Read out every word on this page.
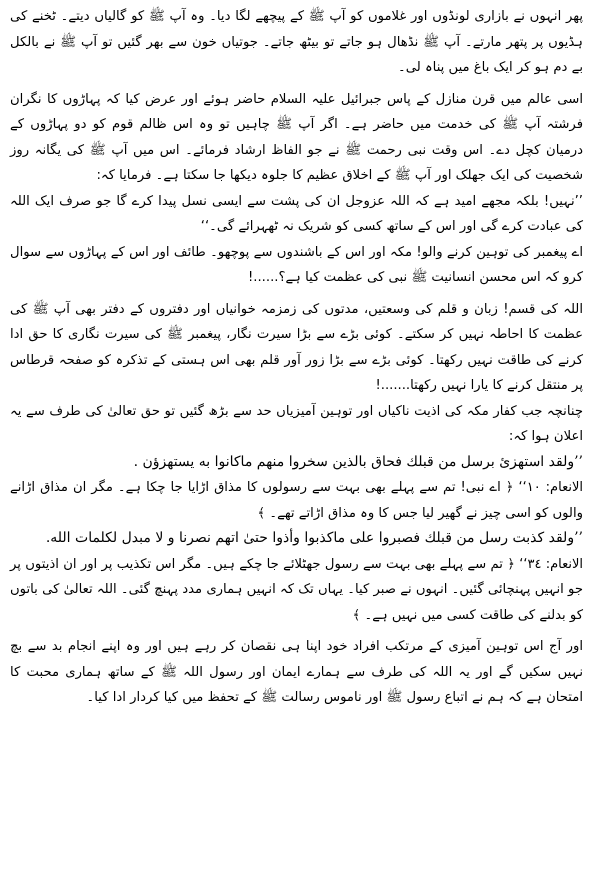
پھر انہوں نے بازاری لونڈوں اور غلاموں کو آپ ﷺ کے پیچھے لگا دیا۔ وہ آپ ﷺ کو گالیاں دیتے۔ ٹخنے کی ہڈیوں پر پتھر مارتے۔ آپ ﷺ نڈھال ہو جاتے تو بیٹھ جاتے۔ جوتیاں خون سے بھر گئیں تو آپ ﷺ نے بالکل بے دم ہو کر ایک باغ میں پناہ لی۔

اسی عالم میں قرن منازل کے پاس جبرائیل علیہ السلام حاضر ہوئے اور عرض کیا کہ پہاڑوں کا نگران فرشتہ آپ ﷺ کی خدمت میں حاضر ہے۔ اگر آپ ﷺ چاہیں تو وہ اس ظالم قوم کو دو پہاڑوں کے درمیان کچل دے۔ اس وقت نبی رحمت ﷺ نے جو الفاظ ارشاد فرمائے۔ اس میں آپ ﷺ کی یگانہ روز شخصیت کی ایک جھلک اور آپ ﷺ کے اخلاق عظیم کا جلوہ دیکھا جا سکتا ہے۔ فرمایا کہ:

’’نہیں! بلکہ مجھے امید ہے کہ اللہ عزوجل ان کی پشت سے ایسی نسل پیدا کرے گا جو صرف ایک اللہ کی عبادت کرے گی اور اس کے ساتھ کسی کو شریک نہ ٹھہرائے گی۔‘‘

اے پیغمبر کی توہین کرنے والو! مکہ اور اس کے باشندوں سے پوچھو۔ طائف اور اس کے پہاڑوں سے سوال کرو کہ اس محسن انسانیت ﷺ نبی کی عظمت کیا ہے؟......!

اللہ کی قسم! زبان و قلم کی وسعتیں، مدتوں کی زمزمہ خوانیاں اور دفتروں کے دفتر بھی آپ ﷺ کی عظمت کا احاطہ نہیں کر سکتے۔ کوئی بڑے سے بڑا سیرت نگار، پیغمبر ﷺ کی سیرت نگاری کا حق ادا کرنے کی طاقت نہیں رکھتا۔ کوئی بڑے سے بڑا زور آور قلم بھی اس ہستی کے تذکرہ کو صفحہ قرطاس پر منتقل کرنے کا یارا نہیں رکھتا.......!

چنانچہ جب کفار مکہ کی اذیت ناکیاں اور توہین آمیزیاں حد سے بڑھ گئیں تو حق تعالیٰ کی طرف سے یہ اعلان ہوا کہ:

’’ولقد استهزئ برسل من قبلك فحاق بالذين سخروا منهم ماكانوا به يستهزؤن .

الانعام: ١٠‘‘ ﴿ اے نبی! تم سے پہلے بھی بہت سے رسولوں کا مذاق اڑایا جا چکا ہے۔ مگر ان مذاق اڑانے والوں کو اسی چیز نے گھیر لیا جس کا وہ مذاق اڑاتے تھے۔ ﴾

’’ولقد كذبت رسل من قبلك فصبروا على ماكذبوا وأذوا حتىٰ اتهم نصرنا و لا مبدل لكلمات الله.

الانعام: ٣٤‘‘ ﴿ تم سے پہلے بھی بہت سے رسول جھٹلائے جا چکے ہیں۔ مگر اس تکذیب پر اور ان اذیتوں پر جو انہیں پہنچائی گئیں۔ انہوں نے صبر کیا۔ یہاں تک کہ انہیں ہماری مدد پہنچ گئی۔ اللہ تعالیٰ کی باتوں کو بدلنے کی طاقت کسی میں نہیں ہے۔ ﴾

اور آج اس توہین آمیزی کے مرتکب افراد خود اپنا ہی نقصان کر رہے ہیں اور وہ اپنے انجام بد سے بچ نہیں سکیں گے اور یہ اللہ کی طرف سے ہمارے ایمان اور رسول اللہ ﷺ کے ساتھ ہماری محبت کا امتحان ہے کہ ہم نے اتباع رسول ﷺ اور ناموس رسالت ﷺ کے تحفظ میں کیا کردار ادا کیا۔
